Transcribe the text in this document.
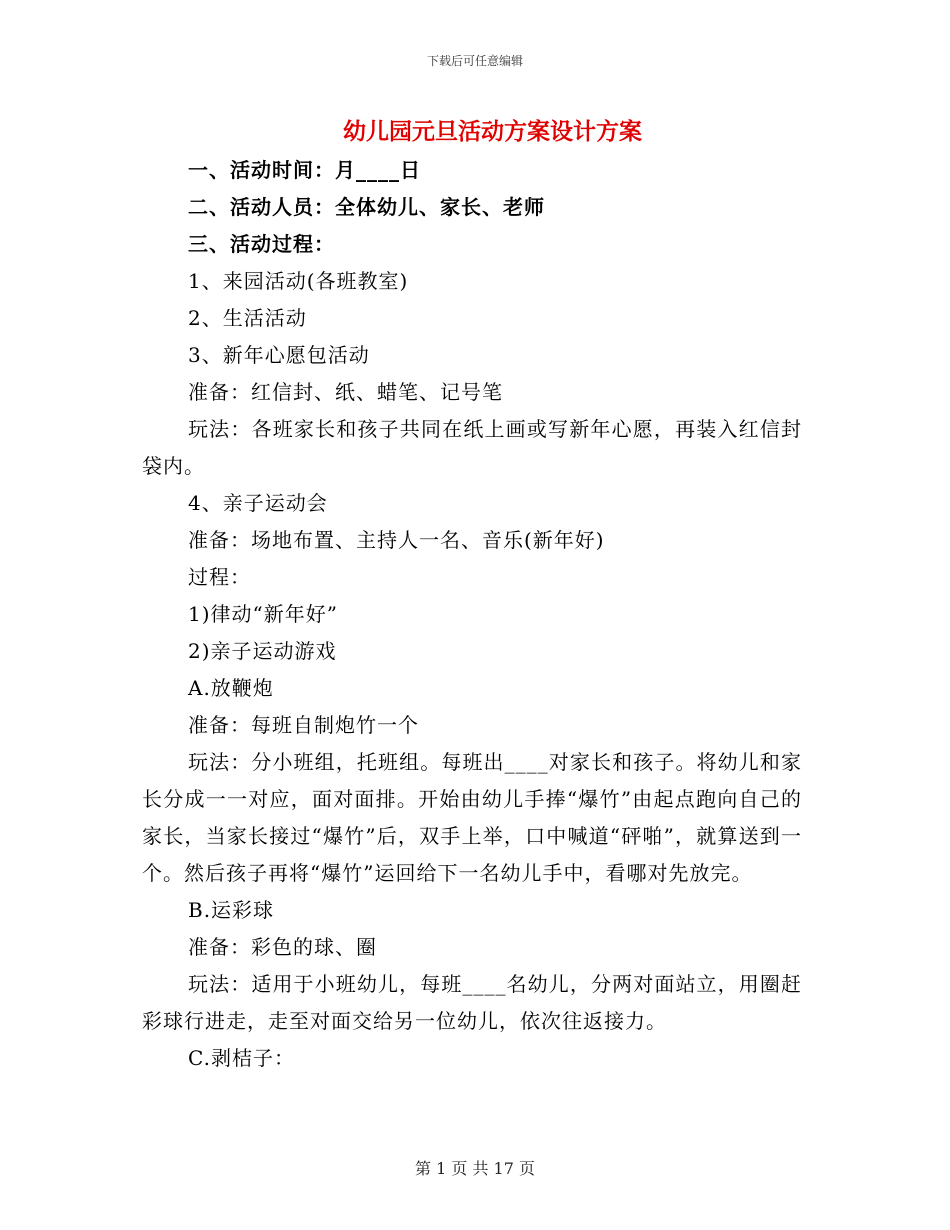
下载后可任意编辑
幼儿园元旦活动方案设计方案

一、活动时间：月____日

二、活动人员：全体幼儿、家长、老师

三、活动过程：

1、来园活动(各班教室)

2、生活活动

3、新年心愿包活动

准备：红信封、纸、蜡笔、记号笔

玩法：各班家长和孩子共同在纸上画或写新年心愿，再装入红信封袋内。

4、亲子运动会

准备：场地布置、主持人一名、音乐(新年好)

过程：

1)律动“新年好”

2)亲子运动游戏

A.放鞭炮

准备：每班自制炮竹一个

玩法：分小班组，托班组。每班出____对家长和孩子。将幼儿和家长分成一一对应，面对面排。开始由幼儿手捧“爆竹”由起点跑向自己的家长，当家长接过“爆竹”后，双手上举，口中喊道“砰啪”，就算送到一个。然后孩子再将“爆竹”运回给下一名幼儿手中，看哪对先放完。

B.运彩球

准备：彩色的球、圈

玩法：适用于小班幼儿，每班____名幼儿，分两对面站立，用圈赶彩球行进走，走至对面交给另一位幼儿，依次往返接力。

C.剥桔子：

第 1 页 共 17 页
